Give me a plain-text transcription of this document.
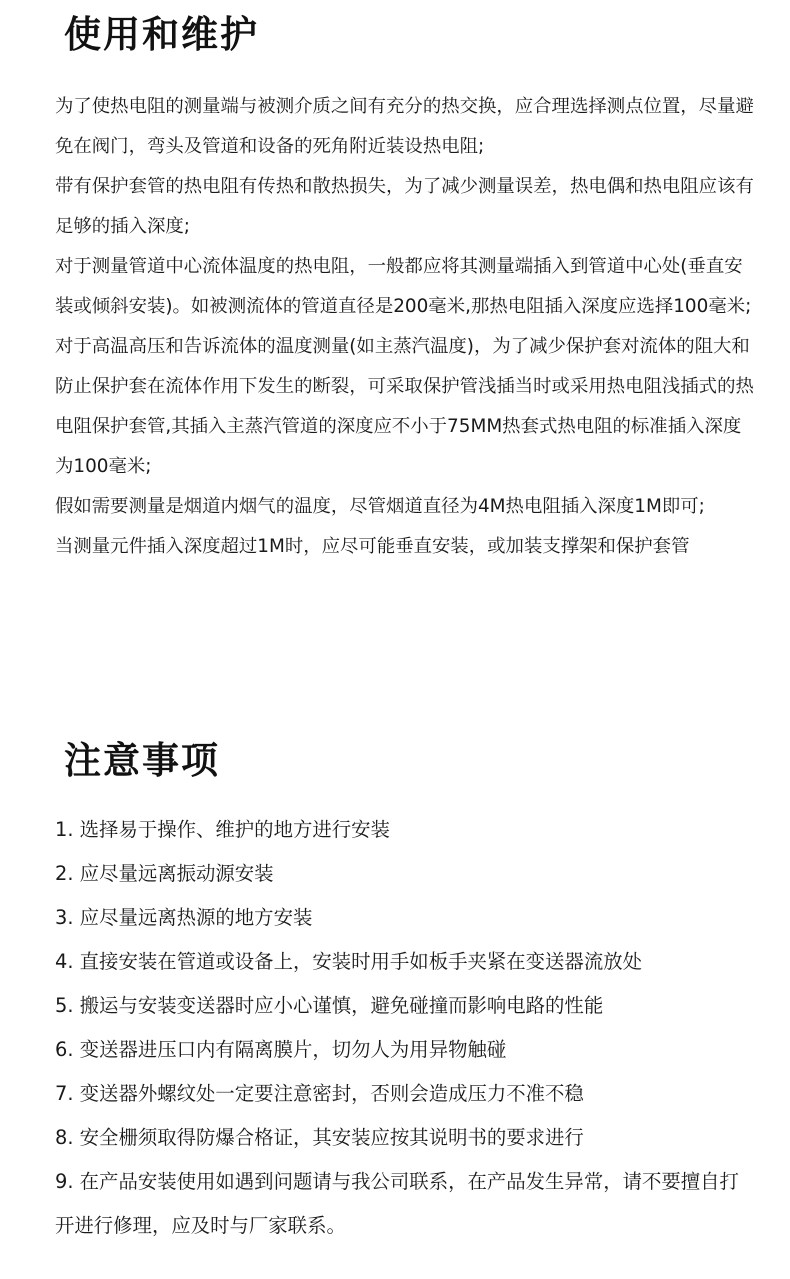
使用和维护
为了使热电阻的测量端与被测介质之间有充分的热交换，应合理选择测点位置，尽量避免在阀门，弯头及管道和设备的死角附近装设热电阻;
带有保护套管的热电阻有传热和散热损失，为了减少测量误差，热电偶和热电阻应该有足够的插入深度;
对于测量管道中心流体温度的热电阻，一般都应将其测量端插入到管道中心处(垂直安装或倾斜安装)。如被测流体的管道直径是200毫米,那热电阻插入深度应选择100毫米;
对于高温高压和告诉流体的温度测量(如主蒸汽温度)，为了减少保护套对流体的阻大和防止保护套在流体作用下发生的断裂，可采取保护管浅插当时或采用热电阻浅插式的热电阻保护套管,其插入主蒸汽管道的深度应不小于75MM热套式热电阻的标准插入深度为100毫米;
假如需要测量是烟道内烟气的温度，尽管烟道直径为4M热电阻插入深度1M即可;
当测量元件插入深度超过1M时，应尽可能垂直安装，或加装支撑架和保护套管
注意事项
1. 选择易于操作、维护的地方进行安装
2. 应尽量远离振动源安装
3. 应尽量远离热源的地方安装
4. 直接安装在管道或设备上，安装时用手如板手夹紧在变送器流放处
5. 搬运与安装变送器时应小心谨慎，避免碰撞而影响电路的性能
6. 变送器进压口内有隔离膜片，切勿人为用异物触碰
7. 变送器外螺纹处一定要注意密封，否则会造成压力不准不稳
8. 安全栅须取得防爆合格证，其安装应按其说明书的要求进行
9. 在产品安装使用如遇到问题请与我公司联系，在产品发生异常，请不要擅自打开进行修理，应及时与厂家联系。
